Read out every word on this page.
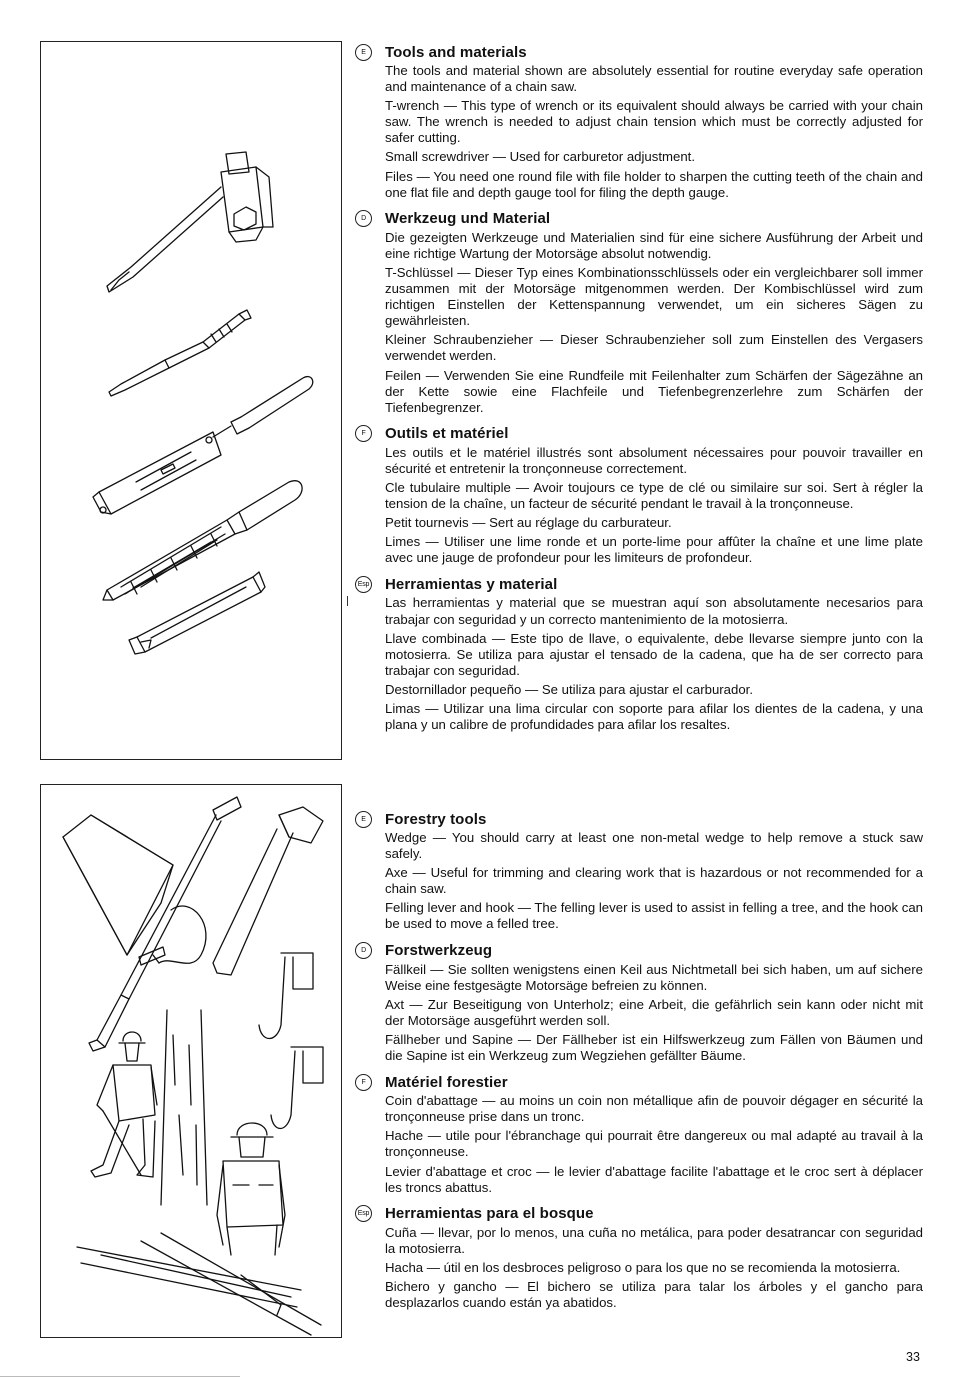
E	Tools and materials

The tools and material shown are absolutely essential for routine everyday safe operation and maintenance of a chain saw.

T-wrench — This type of wrench or its equivalent should always be carried with your chain saw. The wrench is needed to adjust chain tension which must be correctly adjusted for safer cutting.

Small screwdriver — Used for carburetor adjustment.

Files — You need one round file with file holder to sharpen the cutting teeth of the chain and one flat file and depth gauge tool for filing the depth gauge.

D	Werkzeug und Material

Die gezeigten Werkzeuge und Materialien sind für eine sichere Ausführung der Arbeit und eine richtige Wartung der Motorsäge absolut notwendig.

T-Schlüssel — Dieser Typ eines Kombinationsschlüssels oder ein vergleichbarer soll immer zusammen mit der Motorsäge mitgenommen werden. Der Kombischlüssel wird zum richtigen Einstellen der Kettenspannung verwendet, um ein sicheres Sägen zu gewährleisten.

Kleiner Schraubenzieher — Dieser Schraubenzieher soll zum Einstellen des Vergasers verwendet werden.

Feilen — Verwenden Sie eine Rundfeile mit Feilenhalter zum Schärfen der Sägezähne an der Kette sowie eine Flachfeile und Tiefenbegrenzerlehre zum Schärfen der Tiefenbegrenzer.

F	Outils et matériel

Les outils et le matériel illustrés sont absolument nécessaires pour pouvoir travailler en sécurité et entretenir la tronçonneuse correctement.

Cle tubulaire multiple — Avoir toujours ce type de clé ou similaire sur soi. Sert à régler la tension de la chaîne, un facteur de sécurité pendant le travail à la tronçonneuse.

Petit tournevis — Sert au réglage du carburateur.

Limes — Utiliser une lime ronde et un porte-lime pour affûter la chaîne et une lime plate avec une jauge de profondeur pour les limiteurs de profondeur.

Esp Herramientas y material

Las herramientas y material que se muestran aquí son absolutamente necesarios para trabajar con seguridad y un correcto mantenimiento de la motosierra.

Llave combinada — Este tipo de llave, o equivalente, debe llevarse siempre junto con la motosierra. Se utiliza para ajustar el tensado de la cadena, que ha de ser correcto para trabajar con seguridad.

Destornillador pequeño — Se utiliza para ajustar el carburador.

Limas — Utilizar una lima circular con soporte para afilar los dientes de la cadena, y una plana y un calibre de profundidades para afilar los resaltes.

E	Forestry tools

Wedge — You should carry at least one non-metal wedge to help remove a stuck saw safely.

Axe — Useful for trimming and clearing work that is hazardous or not recommended for a chain saw.

Felling lever and hook — The felling lever is used to assist in felling a tree, and the hook can be used to move a felled tree.

D	Forstwerkzeug

Fällkeil — Sie sollten wenigstens einen Keil aus Nichtmetall bei sich haben, um auf sichere Weise eine festgesägte Motorsäge befreien zu können.

Axt — Zur Beseitigung von Unterholz; eine Arbeit, die gefährlich sein kann oder nicht mit der Motorsäge ausgeführt werden soll.

Fällheber und Sapine — Der Fällheber ist ein Hilfswerkzeug zum Fällen von Bäumen und die Sapine ist ein Werkzeug zum Wegziehen gefällter Bäume.

F	Matériel forestier

Coin d'abattage — au moins un coin non métallique afin de pouvoir dégager en sécurité la tronçonneuse prise dans un tronc.

Hache — utile pour l'ébranchage qui pourrait être dangereux ou mal adapté au travail à la tronçonneuse.

Levier d'abattage et croc — le levier d'abattage facilite l'abattage et le croc sert à déplacer les troncs abattus.

Esp Herramientas para el bosque

Cuña — llevar, por lo menos, una cuña no metálica, para poder desatrancar con seguridad la motosierra.

Hacha — útil en los desbroces peligroso o para los que no se recomienda la motosierra.

Bichero y gancho — El bichero se utiliza para talar los árboles y el gancho para desplazarlos cuando están ya abatidos.

33
